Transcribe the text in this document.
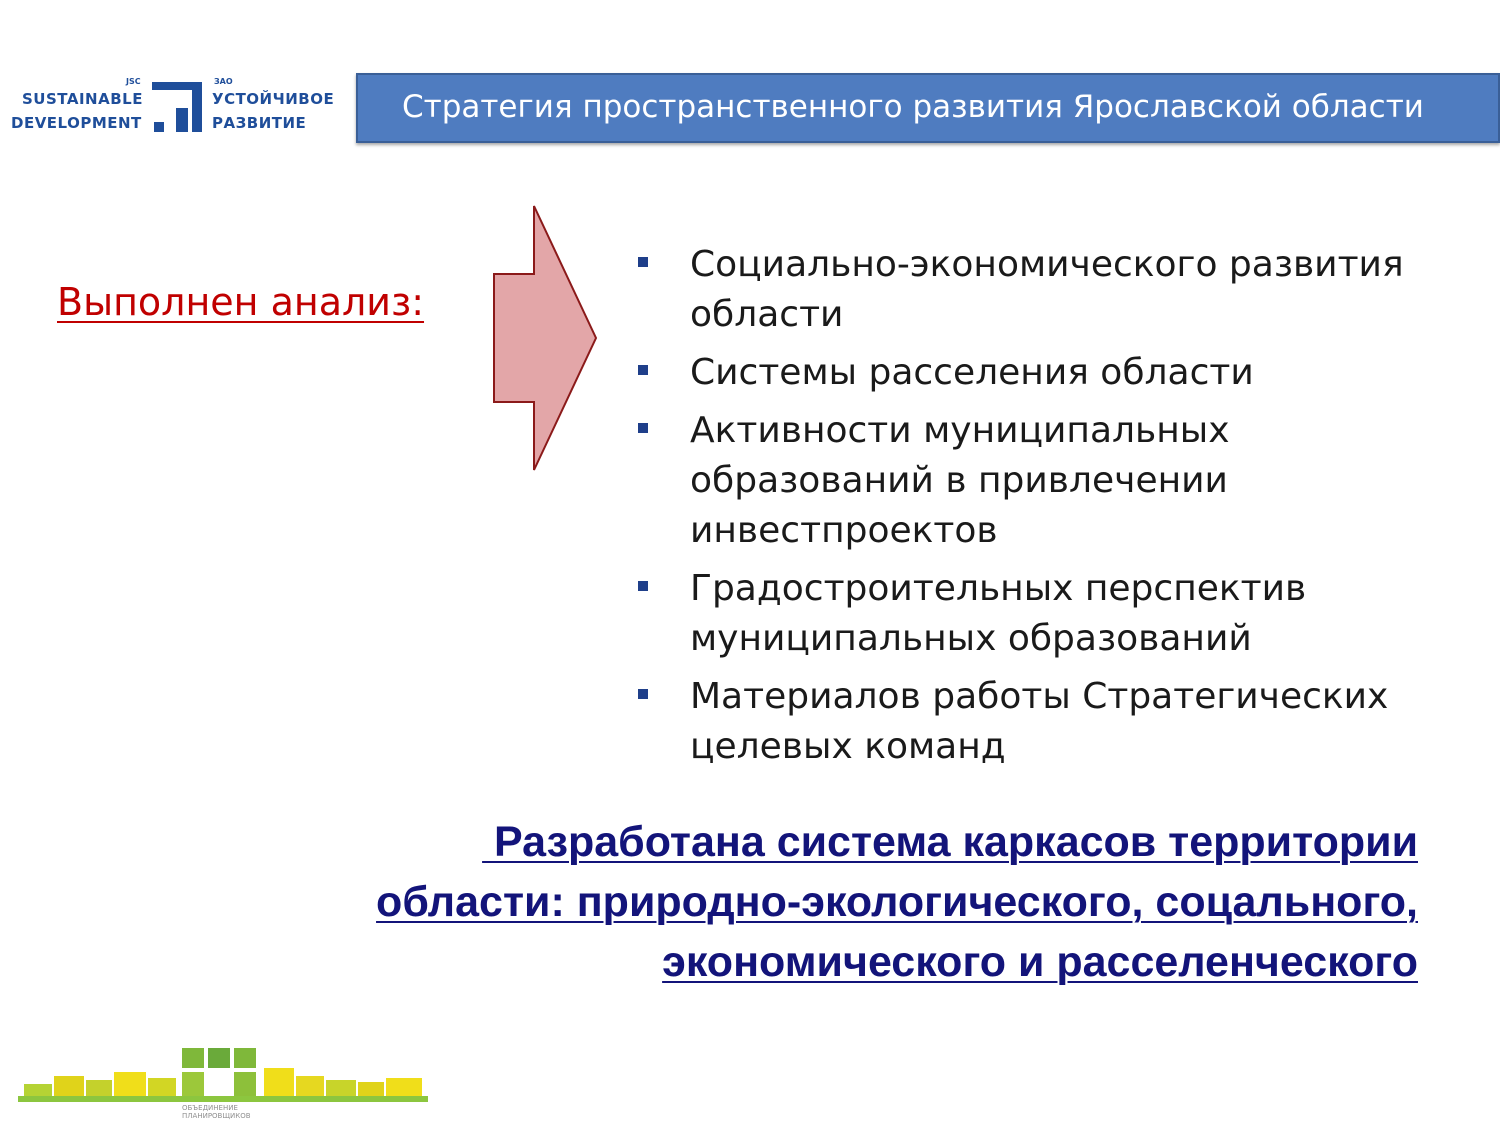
JSC
SUSTAINABLE
DEVELOPMENT
ЗАО
УСТОЙЧИВОЕ
РАЗВИТИЕ	Стратегия пространственного развития Ярославской области
Выполнен анализ:
Социально-экономического развития
области
Системы расселения области
Активности муниципальных
образований в привлечении
инвестпроектов
Градостроительных перспектив
муниципальных образований
Материалов работы Стратегических
целевых команд
Разработана система каркасов территории
области: природно-экологического, соцального,
экономического и расселенческого
ОБЪЕДИНЕНИЕ
ПЛАНИРОВЩИКОВ
